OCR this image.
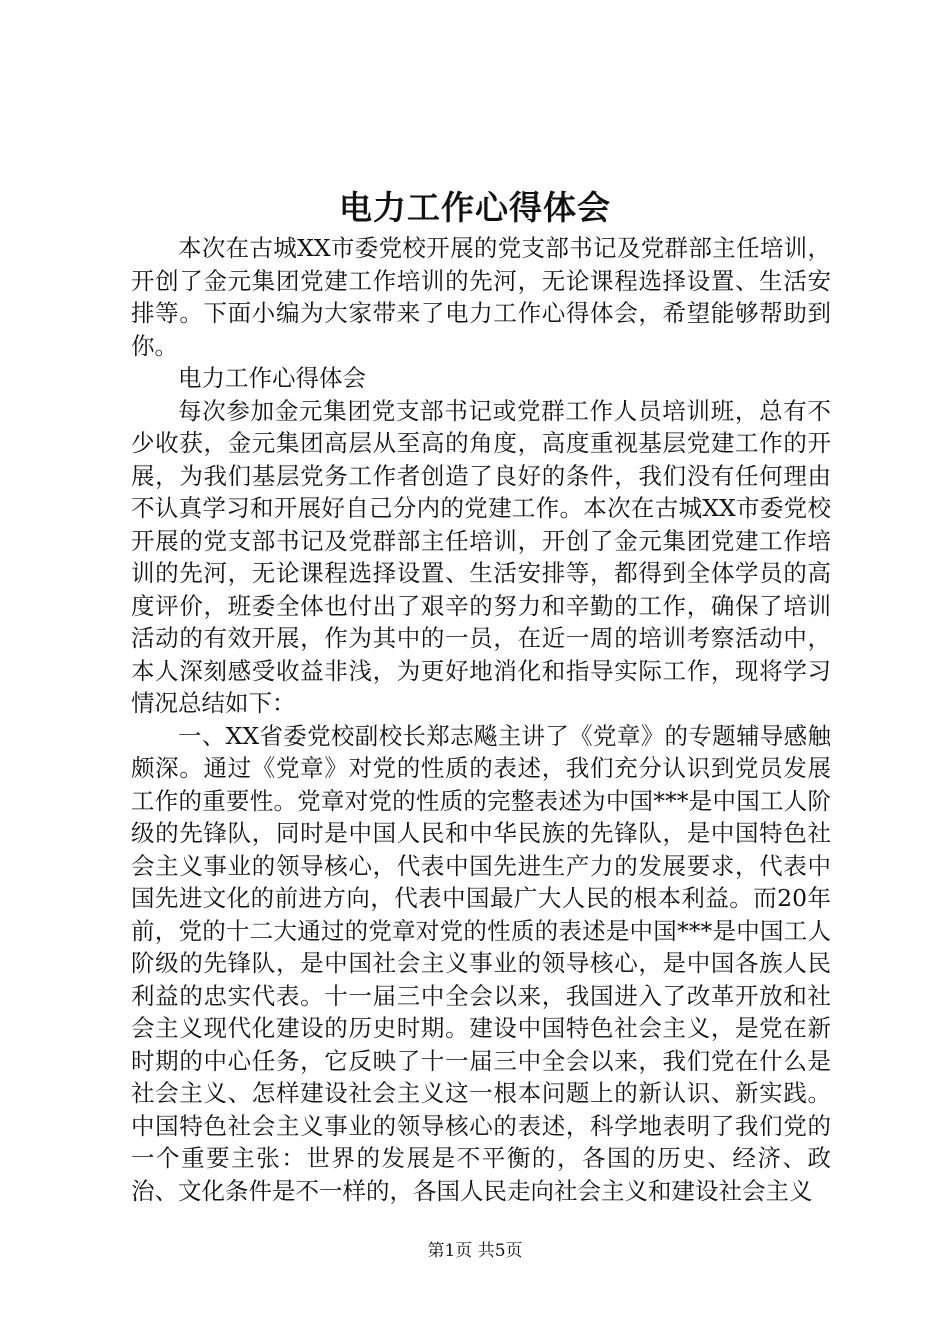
电力工作心得体会

本次在古城XX市委党校开展的党支部书记及党群部主任培训，开创了金元集团党建工作培训的先河，无论课程选择设置、生活安排等。下面小编为大家带来了电力工作心得体会，希望能够帮助到你。

电力工作心得体会

每次参加金元集团党支部书记或党群工作人员培训班，总有不少收获，金元集团高层从至高的角度，高度重视基层党建工作的开展，为我们基层党务工作者创造了良好的条件，我们没有任何理由不认真学习和开展好自己分内的党建工作。本次在古城XX市委党校开展的党支部书记及党群部主任培训，开创了金元集团党建工作培训的先河，无论课程选择设置、生活安排等，都得到全体学员的高度评价，班委全体也付出了艰辛的努力和辛勤的工作，确保了培训活动的有效开展，作为其中的一员，在近一周的培训考察活动中，本人深刻感受收益非浅，为更好地消化和指导实际工作，现将学习情况总结如下：

一、XX省委党校副校长郑志飚主讲了《党章》的专题辅导感触颇深。通过《党章》对党的性质的表述，我们充分认识到党员发展工作的重要性。党章对党的性质的完整表述为中国***是中国工人阶级的先锋队，同时是中国人民和中华民族的先锋队，是中国特色社会主义事业的领导核心，代表中国先进生产力的发展要求，代表中国先进文化的前进方向，代表中国最广大人民的根本利益。而20年前，党的十二大通过的党章对党的性质的表述是中国***是中国工人阶级的先锋队，是中国社会主义事业的领导核心，是中国各族人民利益的忠实代表。十一届三中全会以来，我国进入了改革开放和社会主义现代化建设的历史时期。建设中国特色社会主义，是党在新时期的中心任务，它反映了十一届三中全会以来，我们党在什么是社会主义、怎样建设社会主义这一根本问题上的新认识、新实践。中国特色社会主义事业的领导核心的表述，科学地表明了我们党的一个重要主张：世界的发展是不平衡的，各国的历史、经济、政治、文化条件是不一样的，各国人民走向社会主义和建设社会主义

第1页 共5页
